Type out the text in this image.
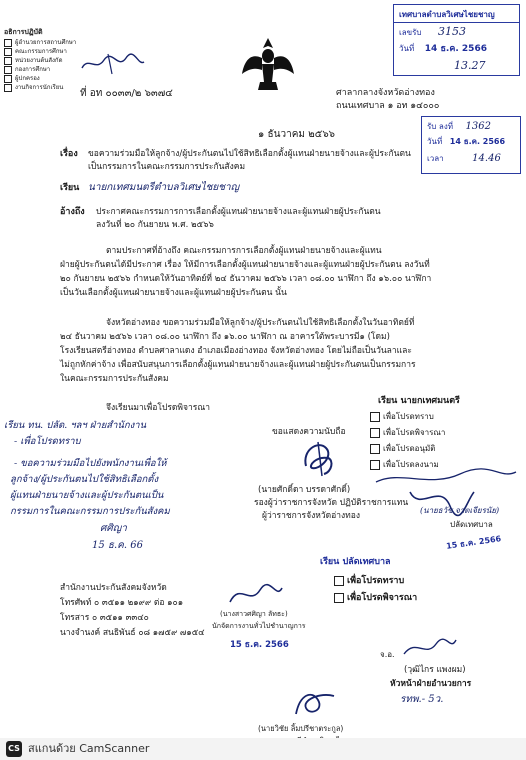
อธิการปฏิบัติ
ผู้อำนวยการสถานศึกษา
คณะกรรมการศึกษา
หน่วยงานต้นสังกัด
กองการศึกษา
ผู้ปกครอง
งานกิจการนักเรียน
เทศบาลตำบลวิเศษไชยชาญ
เลขรับ 3153
วันที่ 14 ธ.ค. 2566
13.27
ที่ อท ๐๐๓๓/๒ ๖๓๗๔	ศาลากลางจังหวัดอ่างทอง
ถนนเทศบาล ๑ อท ๑๔๐๐๐
รับ ลงที่ 1362
วันที่ 14 ธ.ค. 2566
เวลา	14.46
๑ ธันวาคม ๒๕๖๖
เรื่อง ขอความร่วมมือให้ลูกจ้าง/ผู้ประกันตนไปใช้สิทธิเลือกตั้งผู้แทนฝ่ายนายจ้างและผู้ประกันตน
เป็นกรรมการในคณะกรรมการประกันสังคม
เรียน นายกเทศมนตรีตำบลวิเศษไชยชาญ
อ้างถึง ประกาศคณะกรรมการการเลือกตั้งผู้แทนฝ่ายนายจ้างและผู้แทนฝ่ายผู้ประกันตน
ลงวันที่ ๒๐ กันยายน พ.ศ. ๒๕๖๖
ตามประกาศที่อ้างถึง คณะกรรมการการเลือกตั้งผู้แทนฝ่ายนายจ้างและผู้แทน
ฝ่ายผู้ประกันตนได้มีประกาศ เรื่อง ให้มีการเลือกตั้งผู้แทนฝ่ายนายจ้างและผู้แทนฝ่ายผู้ประกันตน ลงวันที่
๒๐ กันยายน ๒๕๖๖ กำหนดให้วันอาทิตย์ที่ ๒๔ ธันวาคม ๒๕๖๖ เวลา ๐๘.๐๐ นาฬิกา ถึง ๑๖.๐๐ นาฬิกา
เป็นวันเลือกตั้งผู้แทนฝ่ายนายจ้างและผู้แทนฝ่ายผู้ประกันตน นั้น
จังหวัดอ่างทอง ขอความร่วมมือให้ลูกจ้าง/ผู้ประกันตนไปใช้สิทธิเลือกตั้งในวันอาทิตย์ที่
๒๔ ธันวาคม ๒๕๖๖ เวลา ๐๘.๐๐ นาฬิกา ถึง ๑๖.๐๐ นาฬิกา ณ อาคารใต้พระบารมี๑ (โดม)
โรงเรียนสตรีอ่างทอง ตำบลศาลาแดง อำเภอเมืองอ่างทอง จังหวัดอ่างทอง โดยไม่ถือเป็นวันลาและ
ไม่ถูกหักค่าจ้าง เพื่อสนับสนุนการเลือกตั้งผู้แทนฝ่ายนายจ้างและผู้แทนฝ่ายผู้ประกันตนเป็นกรรมการ
ในคณะกรรมการประกันสังคม
จึงเรียนมาเพื่อโปรดพิจารณา
เรียน ทน. ปลัด. ฯลฯ ฝ่ายสำนักงาน
- เพื่อโปรดทราบ
- ขอความร่วมมือไปยังพนักงานเพื่อให้
ลูกจ้าง/ผู้ประกันตนไปใช้สิทธิเลือกตั้ง
ผู้แทนฝ่ายนายจ้างและผู้ประกันตนเป็น
กรรมการในคณะกรรมการประกันสังคม
ศศิญา
15 ธ.ค. 66
ขอแสดงความนับถือ
(นายศักดิ์ดา บรรดาศักดิ์)
รองผู้ว่าราชการจังหวัด ปฏิบัติราชการแทน
ผู้ว่าราชการจังหวัดอ่างทอง
เรียน นายกเทศมนตรี
เพื่อโปรดทราบ
เพื่อโปรดพิจารณา
เพื่อโปรดอนุมัติ
เพื่อโปรดลงนาม
(นายธวัช จาตเจียรนัย)
ปลัดเทศบาล
15 ธ.ค. 2566
เรียน ปลัดเทศบาล
เพื่อโปรดทราบ
เพื่อโปรดพิจารณา
สำนักงานประกันสังคมจังหวัด
โทรศัพท์ ๐ ๓๕๑๑ ๒๑๙๙ ต่อ ๑๐๑
โทรสาร ๐ ๓๕๑๑ ๓๓๔๐
นางจำนงค์ สนธิพันธ์ ๐๘ ๑๗๕๙ ๗๑๕๔
(นางสาวศศิญา ลัทธะ)
นักจัดการงานทั่วไปชำนาญการ
15 ธ.ค. 2566
จ.อ.
(วุฒิไกร แพงผม)
หัวหน้าฝ่ายอำนวยการ
รทพ.- 5ว.
(นายวิชัย ลิ้มปรีชาตระกูล)
CS สแกนด้วย CamScanner
